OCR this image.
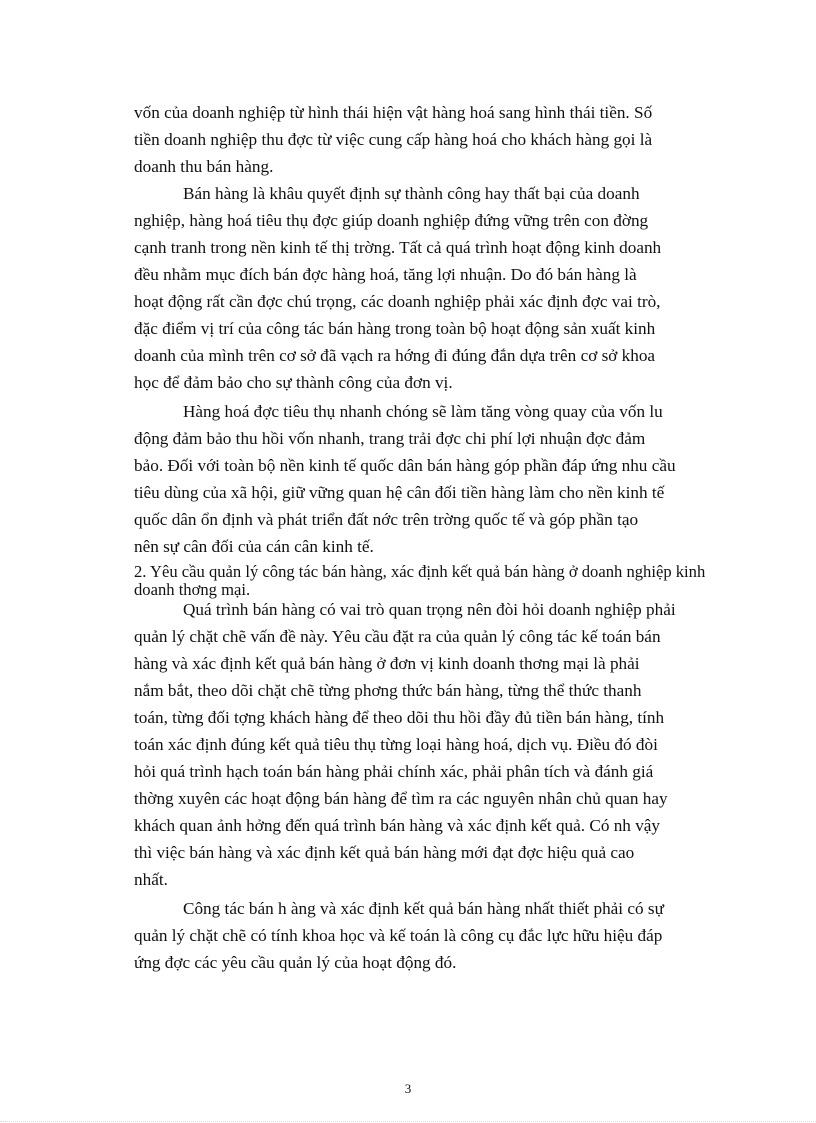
vốn của doanh nghiệp từ hình thái hiện vật hàng hoá sang hình thái tiền. Số
tiền doanh nghiệp thu đợc từ việc cung cấp hàng hoá cho khách hàng gọi là
doanh thu bán hàng.
Bán hàng là khâu quyết định sự thành công hay thất bại của doanh
nghiệp, hàng hoá tiêu thụ đợc giúp doanh nghiệp đứng vững trên con đờng
cạnh tranh trong nền kinh tế thị trờng. Tất cả quá trình hoạt động kinh doanh
đều nhằm mục đích bán đợc hàng hoá, tăng lợi nhuận. Do đó bán hàng là
hoạt động rất cần đợc chú trọng, các doanh nghiệp phải xác định đợc vai trò,
đặc điểm vị trí của công tác bán hàng trong toàn bộ hoạt động sản xuất kinh
doanh của mình trên cơ sở đã vạch ra hớng đi đúng đắn dựa trên cơ sở khoa
học để đảm bảo cho sự thành công của đơn vị.
Hàng hoá đợc tiêu thụ nhanh chóng sẽ làm tăng vòng quay của vốn lu
động đảm bảo thu hồi vốn nhanh, trang trải đợc chi phí lợi nhuận đợc đảm
bảo. Đối với toàn bộ nền kinh tế quốc dân bán hàng góp phần đáp ứng nhu cầu
tiêu dùng của xã hội, giữ vững quan hệ cân đối tiền hàng làm cho nền kinh tế
quốc dân ổn định và phát triển đất nớc trên trờng quốc tế và góp phần tạo
nên sự cân đối của cán cân kinh tế.
2. Yêu cầu quản lý công tác bán hàng, xác định kết quả bán hàng ở doanh nghiệp kinh
doanh thơng mại.
Quá trình bán hàng có vai trò quan trọng nên đòi hỏi doanh nghiệp phải
quản lý chặt chẽ vấn đề này. Yêu cầu đặt ra của quản lý công tác kế toán bán
hàng và xác định kết quả bán hàng ở đơn vị kinh doanh thơng mại là phải
nắm bắt, theo dõi chặt chẽ từng phơng thức bán hàng, từng thể thức thanh
toán, từng đối tợng khách hàng để theo dõi thu hồi đầy đủ tiền bán hàng, tính
toán xác định đúng kết quả tiêu thụ từng loại hàng hoá, dịch vụ. Điều đó đòi
hỏi quá trình hạch toán bán hàng phải chính xác, phải phân tích và đánh giá
thờng xuyên các hoạt động bán hàng để tìm ra các nguyên nhân chủ quan hay
khách quan ảnh hởng đến quá trình bán hàng và xác định kết quả. Có nh vậy
thì việc bán hàng và xác định kết quả bán hàng mới đạt đợc hiệu quả cao
nhất.
Công tác bán h àng và xác định kết quả bán hàng nhất thiết phải có sự
quản lý chặt chẽ có tính khoa học và kế toán là công cụ đắc lực hữu hiệu đáp
ứng đợc các yêu cầu quản lý của hoạt động đó.
3
